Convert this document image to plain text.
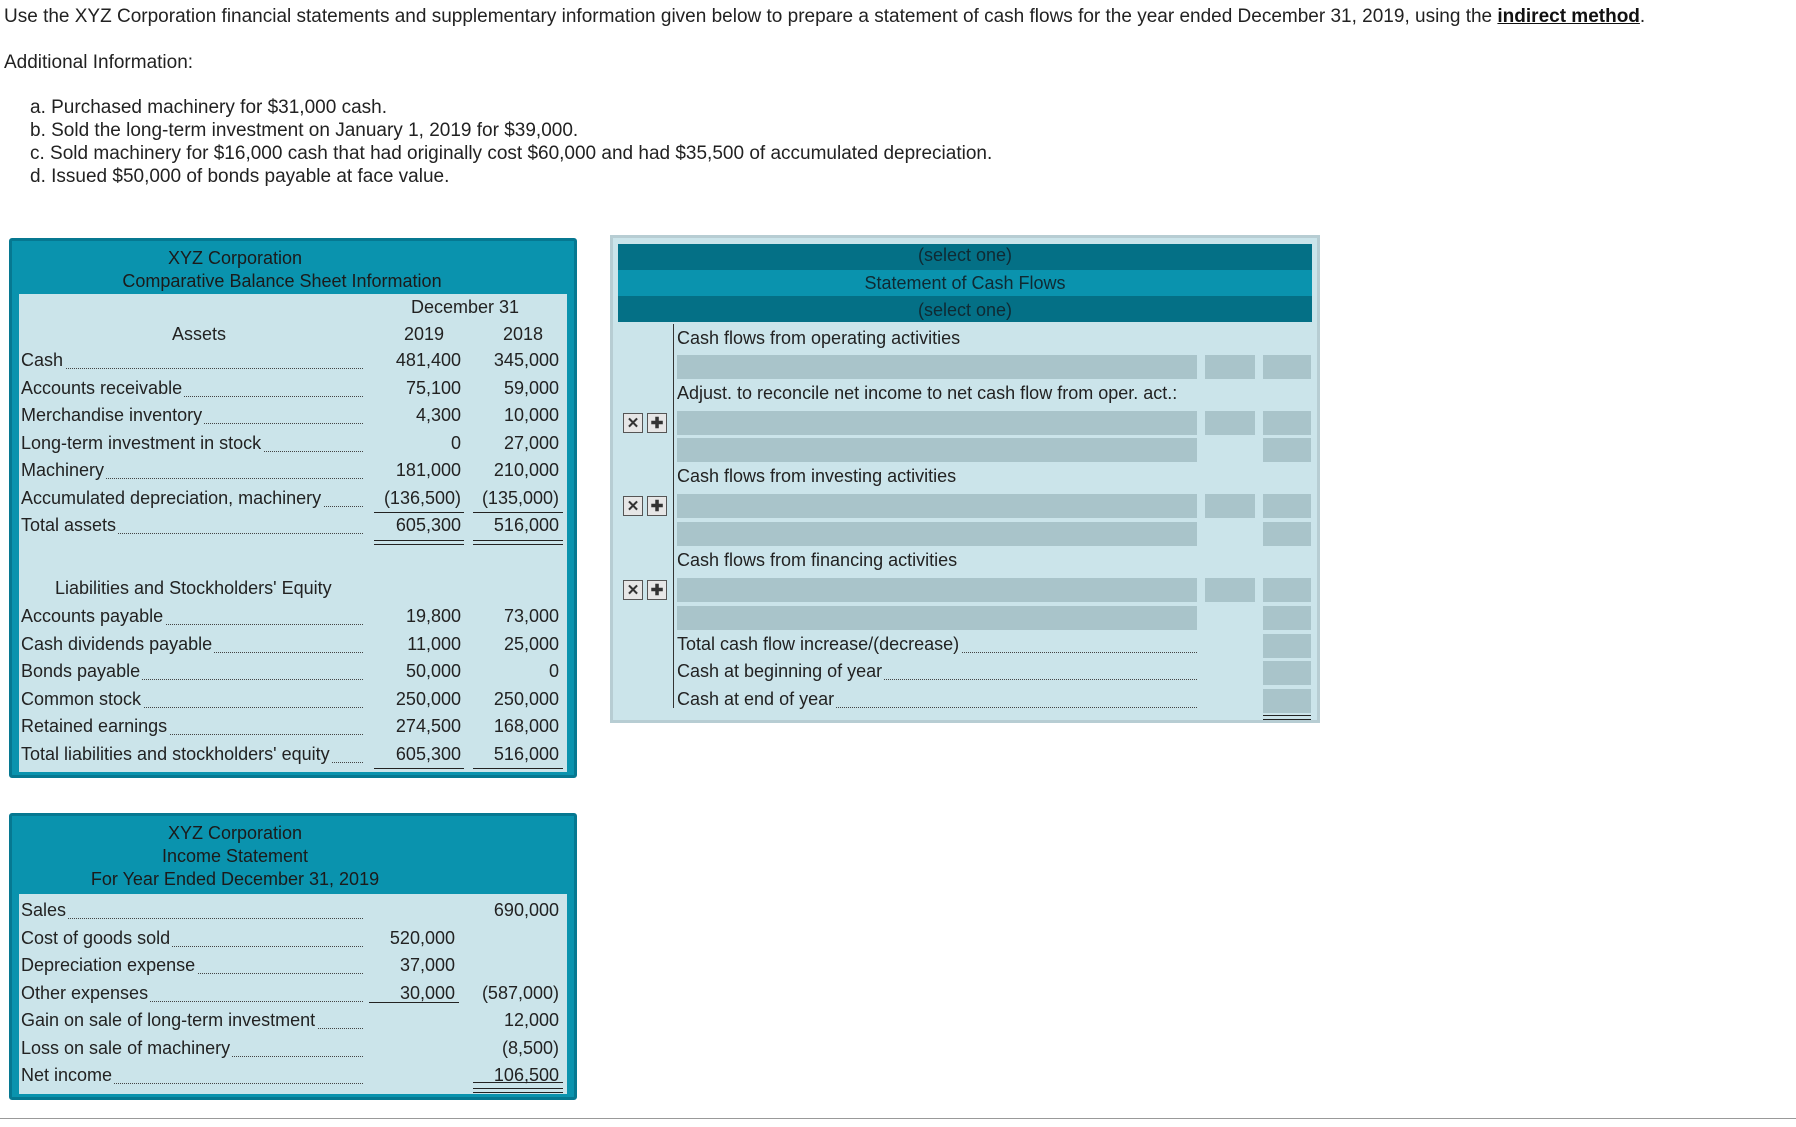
Use the XYZ Corporation financial statements and supplementary information given below to prepare a statement of cash flows for the year ended December 31, 2019, using the indirect method.
Additional Information:
a. Purchased machinery for $31,000 cash.
b. Sold the long-term investment on January 1, 2019 for $39,000.
c. Sold machinery for $16,000 cash that had originally cost $60,000 and had $35,500 of accumulated depreciation.
d. Issued $50,000 of bonds payable at face value.
XYZ Corporation
Comparative Balance Sheet Information
December 31
Assets	2019	2018
Cash	481,400 345,000
Accounts receivable	75,100 59,000
Merchandise inventory	4,300 10,000
Long-term investment in stock	0 27,000
Machinery	181,000 210,000
Accumulated depreciation, machinery	(136,500) (135,000)
Total assets	605,300 516,000
Liabilities and Stockholders' Equity
Accounts payable	19,800 73,000
Cash dividends payable	11,000 25,000
Bonds payable	50,000	0
Common stock	250,000 250,000
Retained earnings	274,500 168,000
Total liabilities and stockholders' equity	605,300 516,000
XYZ Corporation
Income Statement
For Year Ended December 31, 2019
Sales	690,000
Cost of goods sold	520,000
Depreciation expense	37,000
Other expenses	30,000 (587,000)
Gain on sale of long-term investment	12,000
Loss on sale of machinery	(8,500)
Net income	106,500
(select one)
Statement of Cash Flows
(select one)
Cash flows from operating activities
Adjust. to reconcile net income to net cash flow from oper. act.:
✕ ✚
Cash flows from investing activities
✕ ✚
Cash flows from financing activities
✕ ✚
Total cash flow increase/(decrease)
Cash at beginning of year
Cash at end of year
